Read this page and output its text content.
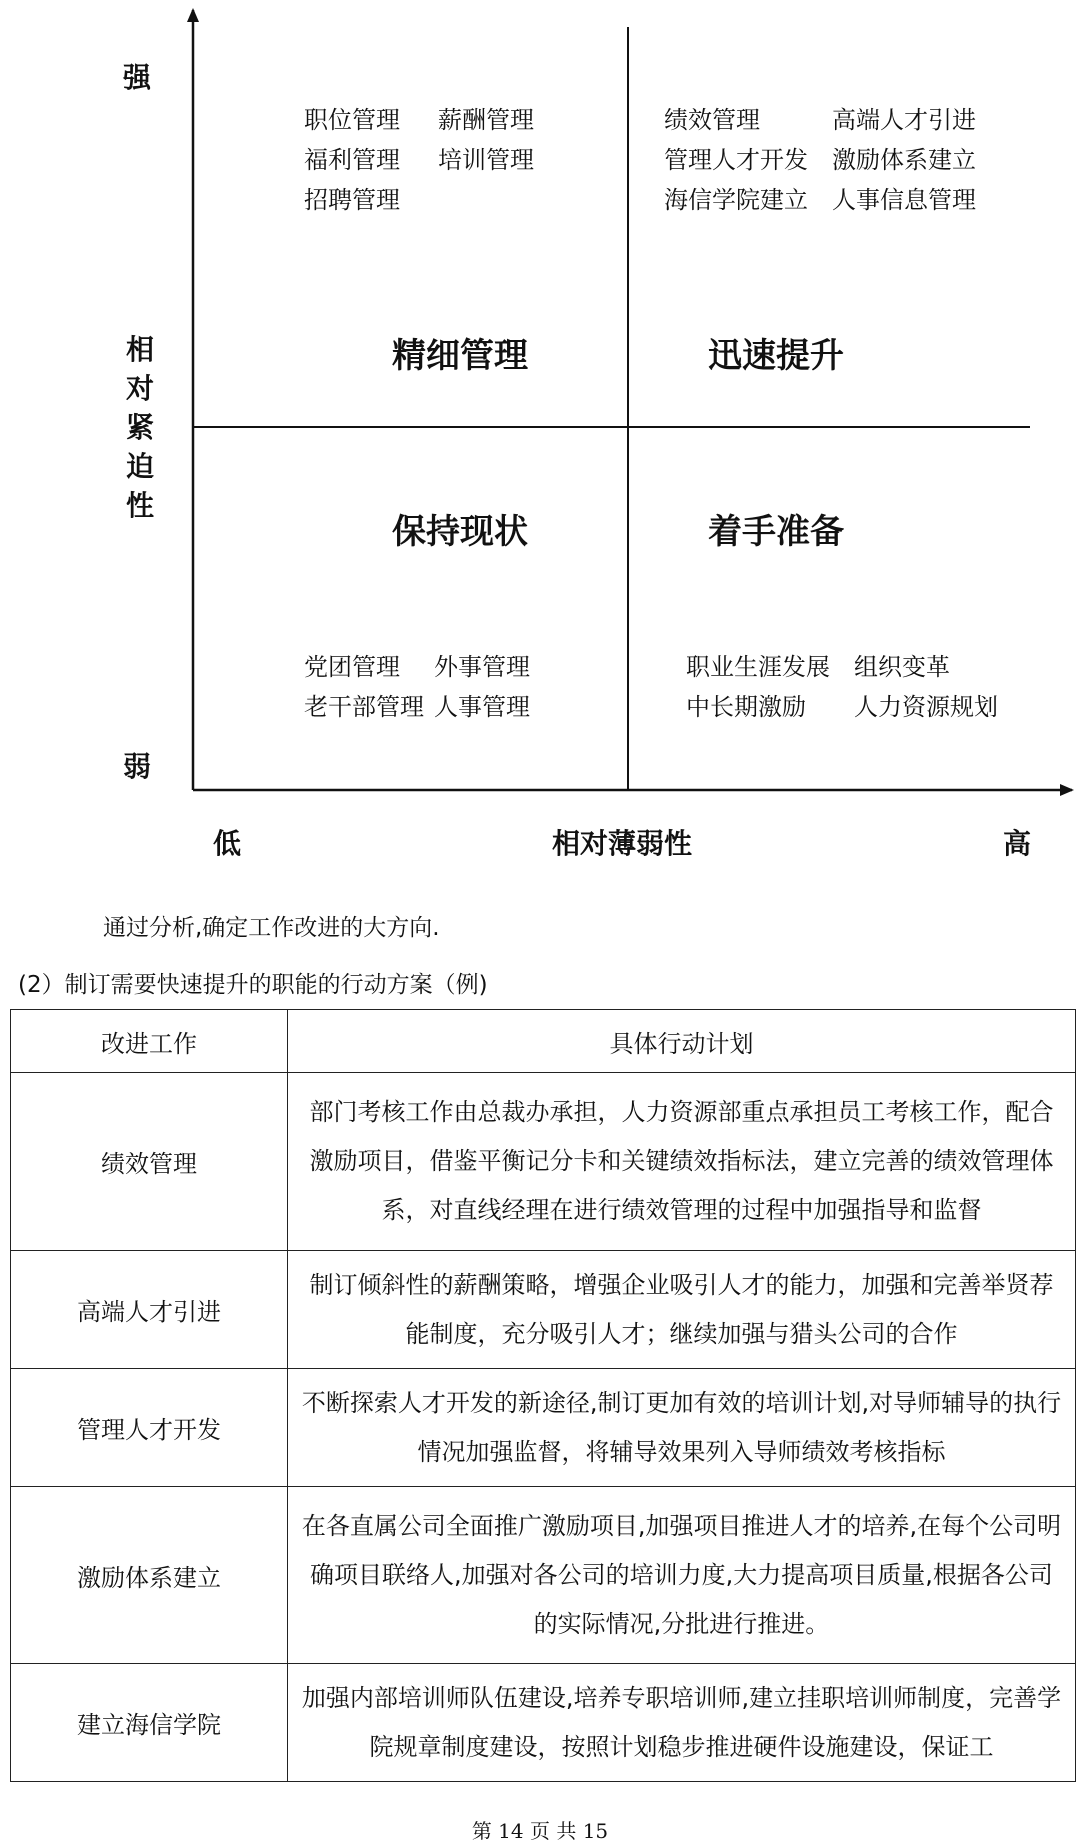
强
相对紧迫性
弱
低	相对薄弱性	高
职位管理 薪酬管理
福利管理 培训管理
招聘管理
精细管理
绩效管理	高端人才引进
管理人才开发 激励体系建立
海信学院建立 人事信息管理
迅速提升
保持现状
党团管理	外事管理
老干部管理 人事管理
着手准备
职业生涯发展 组织变革
中长期激励	人力资源规划
通过分析,确定工作改进的大方向.
(2）制订需要快速提升的职能的行动方案（例)
改进工作	具体行动计划
绩效管理	部门考核工作由总裁办承担，人力资源部重点承担员工考核工作，配合激励项目，借鉴平衡记分卡和关键绩效指标法，建立完善的绩效管理体系，对直线经理在进行绩效管理的过程中加强指导和监督
高端人才引进	制订倾斜性的薪酬策略，增强企业吸引人才的能力，加强和完善举贤荐能制度，充分吸引人才；继续加强与猎头公司的合作
管理人才开发	不断探索人才开发的新途径,制订更加有效的培训计划,对导师辅导的执行情况加强监督，将辅导效果列入导师绩效考核指标
激励体系建立	在各直属公司全面推广激励项目,加强项目推进人才的培养,在每个公司明确项目联络人,加强对各公司的培训力度,大力提高项目质量,根据各公司的实际情况,分批进行推进。
建立海信学院	加强内部培训师队伍建设,培养专职培训师,建立挂职培训师制度，完善学院规章制度建设，按照计划稳步推进硬件设施建设，保证工
第 14 页 共 15
